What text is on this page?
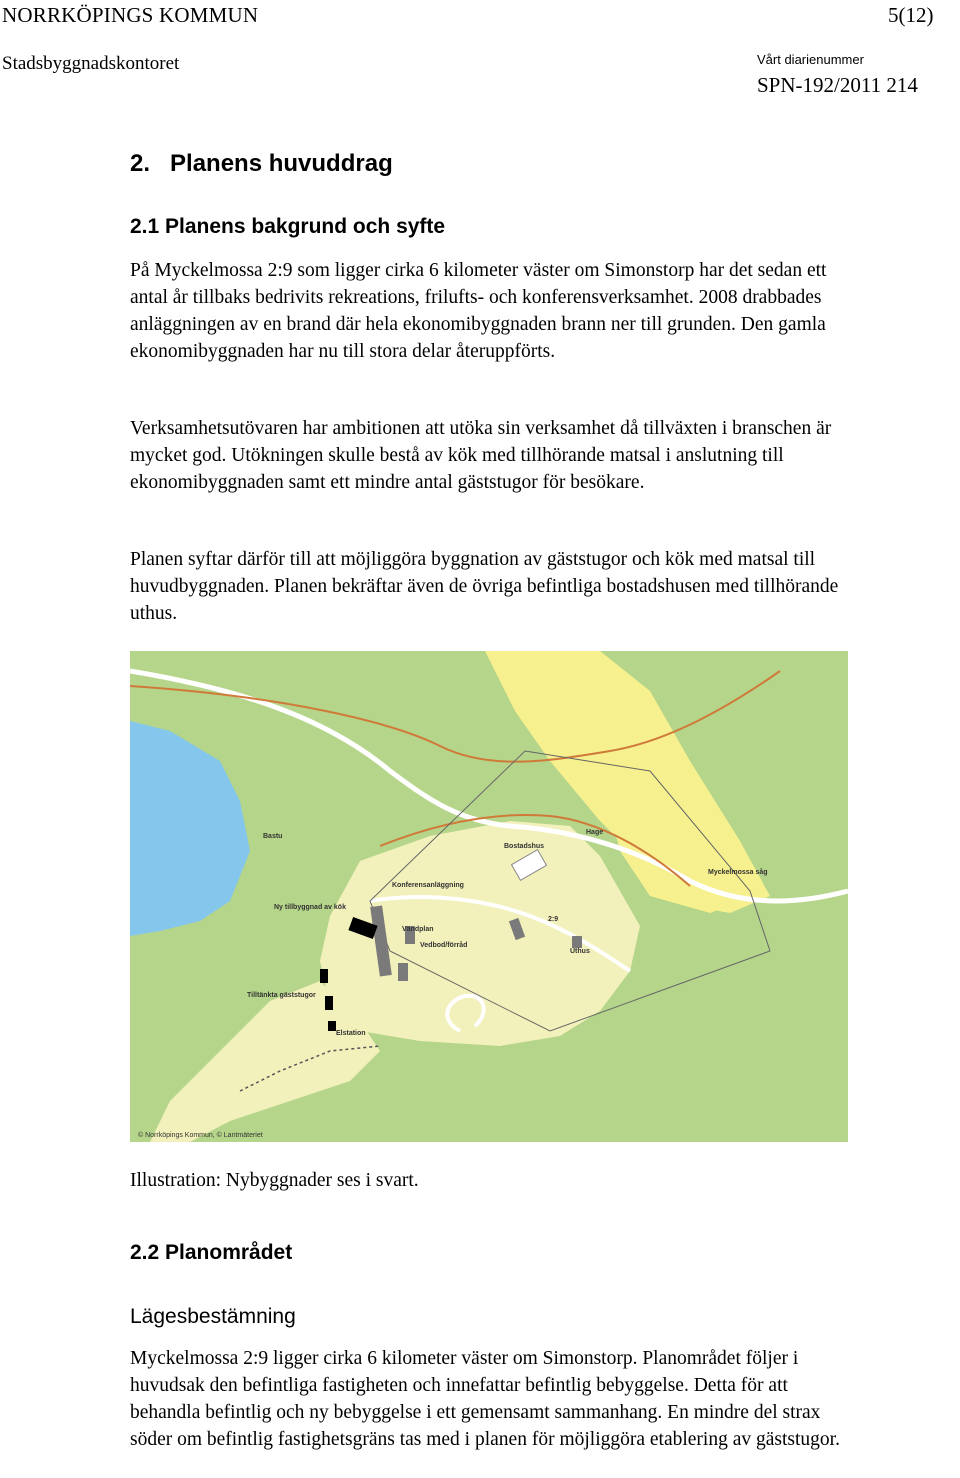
NORRKÖPINGS KOMMUN	5(12)
Stadsbyggnadskontoret	Vårt diarienummer
SPN-192/2011 214
2.   Planens huvuddrag
2.1 Planens bakgrund och syfte
På Myckelmossa 2:9 som ligger cirka 6 kilometer väster om Simonstorp har det sedan ett antal år tillbaks bedrivits rekreations, frilufts- och konferensverksamhet. 2008 drabbades anläggningen av en brand där hela ekonomibyggnaden brann ner till grunden. Den gamla ekonomibyggnaden har nu till stora delar återuppförts.
Verksamhetsutövaren har ambitionen att utöka sin verksamhet då tillväxten i branschen är mycket god. Utökningen skulle bestå av kök med tillhörande matsal i anslutning till ekonomibyggnaden samt ett mindre antal gäststugor för besökare.
Planen syftar därför till att möjliggöra byggnation av gäststugor och kök med matsal till huvudbyggnaden. Planen bekräftar även de övriga befintliga bostadshusen med tillhörande uthus.
Bastu
Hage
Bostadshus
Konferensanläggning
Ny tillbyggnad av kök
Vändplan
Vedbod/förråd
Uthus
Tilltänkta gäststugor
Elstation
Myckelmossa såg
2:9
© Norrköpings Kommun, © Lantmäteriet
Illustration: Nybyggnader ses i svart.
2.2 Planområdet
Lägesbestämning
Myckelmossa 2:9 ligger cirka 6 kilometer väster om Simonstorp. Planområdet följer i huvudsak den befintliga fastigheten och innefattar befintlig bebyggelse. Detta för att behandla befintlig och ny bebyggelse i ett gemensamt sammanhang. En mindre del strax söder om befintlig fastighetsgräns tas med i planen för möjliggöra etablering av gäststugor.
